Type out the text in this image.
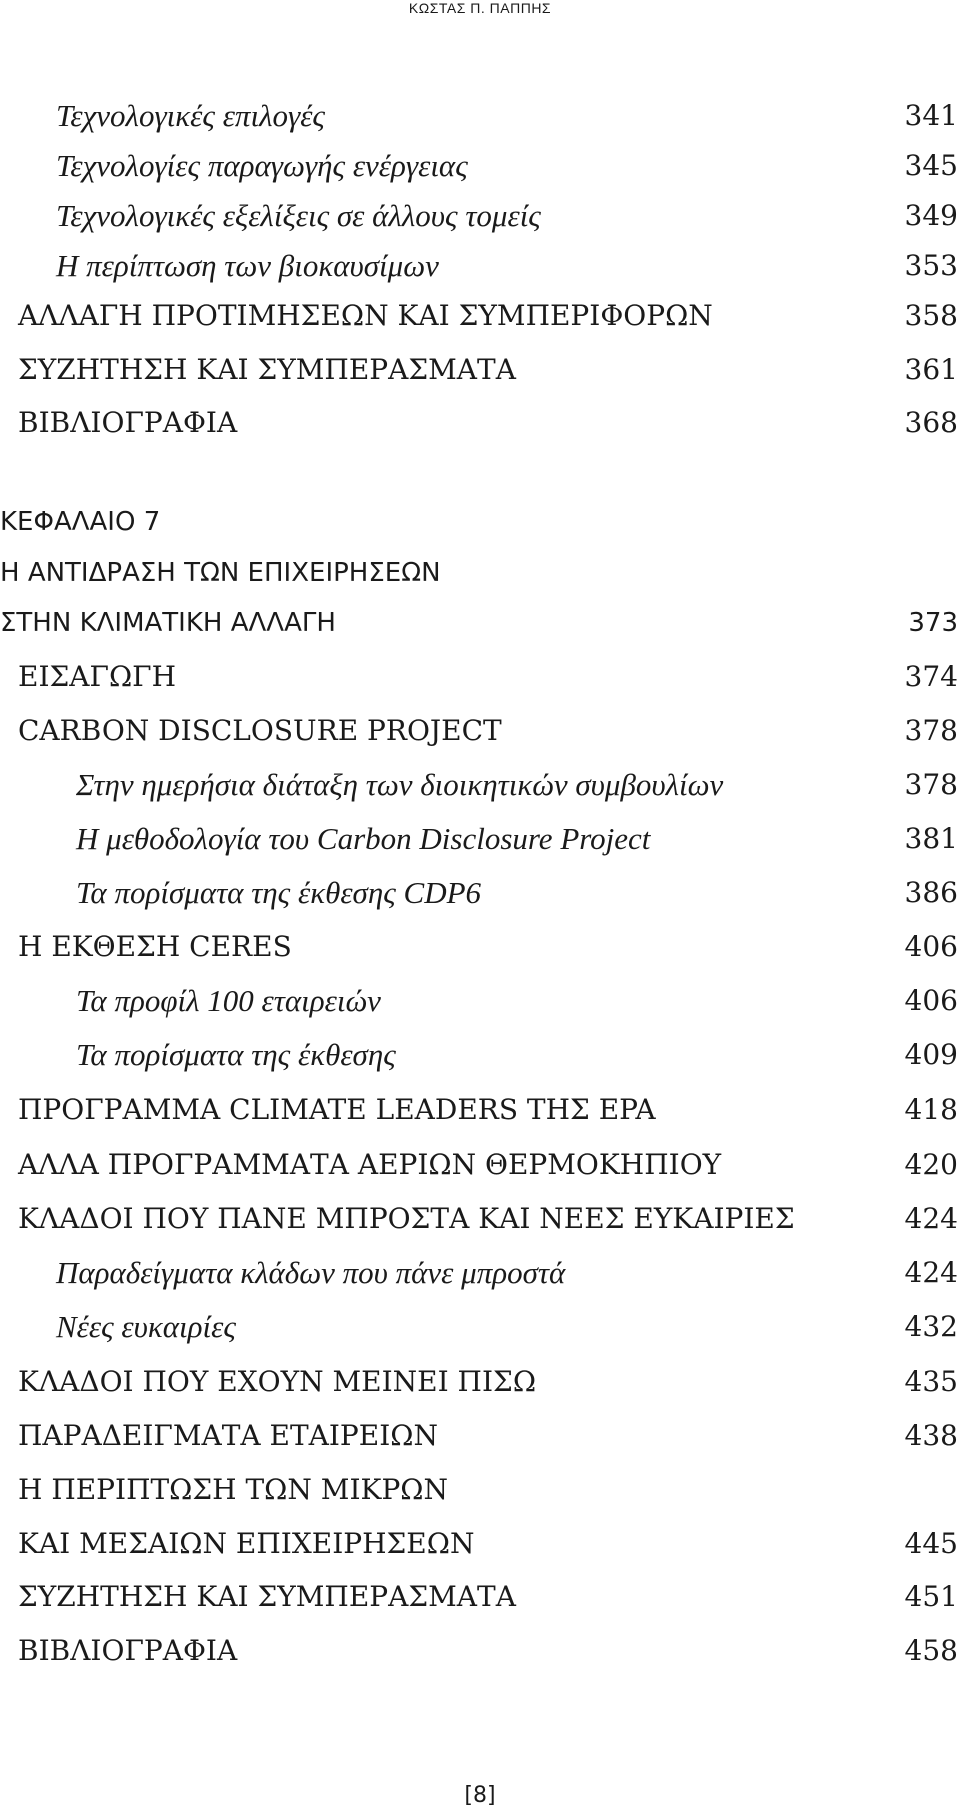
ΚΩΣΤΑΣ Π. ΠΑΠΠΗΣ
Τεχνολογικές επιλογές	341
Τεχνολογίες παραγωγής ενέργειας	345
Τεχνολογικές εξελίξεις σε άλλους τομείς	349
Η περίπτωση των βιοκαυσίμων	353
ΑΛΛΑΓΗ ΠΡΟΤΙΜΗΣΕΩΝ ΚΑΙ ΣΥΜΠΕΡΙΦΟΡΩΝ	358
ΣΥΖΗΤΗΣΗ ΚΑΙ ΣΥΜΠΕΡΑΣΜΑΤΑ	361
ΒΙΒΛΙΟΓΡΑΦΙΑ	368
ΚΕΦΑΛΑΙΟ 7
Η ΑΝΤΙΔΡΑΣΗ ΤΩΝ ΕΠΙΧΕΙΡΗΣΕΩΝ
ΣΤΗΝ ΚΛΙΜΑΤΙΚΗ ΑΛΛΑΓΗ	373
ΕΙΣΑΓΩΓΗ	374
CARBON DISCLOSURE PROJECT	378
Στην ημερήσια διάταξη των διοικητικών συμβουλίων	378
Η μεθοδολογία του Carbon Disclosure Project	381
Τα πορίσματα της έκθεσης CDP6	386
Η ΕΚΘΕΣΗ CERES	406
Τα προφίλ 100 εταιρειών	406
Τα πορίσματα της έκθεσης	409
ΠΡΟΓΡΑΜΜΑ CLIMATE LEADERS ΤΗΣ EPA	418
ΑΛΛΑ ΠΡΟΓΡΑΜΜΑΤΑ ΑΕΡΙΩΝ ΘΕΡΜΟΚΗΠΙΟΥ	420
ΚΛΑΔΟΙ ΠΟΥ ΠΑΝΕ ΜΠΡΟΣΤΑ ΚΑΙ ΝΕΕΣ ΕΥΚΑΙΡΙΕΣ	424
Παραδείγματα κλάδων που πάνε μπροστά	424
Νέες ευκαιρίες	432
ΚΛΑΔΟΙ ΠΟΥ ΕΧΟΥΝ ΜΕΙΝΕΙ ΠΙΣΩ	435
ΠΑΡΑΔΕΙΓΜΑΤΑ ΕΤΑΙΡΕΙΩΝ	438
Η ΠΕΡΙΠΤΩΣΗ ΤΩΝ ΜΙΚΡΩΝ
ΚΑΙ ΜΕΣΑΙΩΝ ΕΠΙΧΕΙΡΗΣΕΩΝ	445
ΣΥΖΗΤΗΣΗ ΚΑΙ ΣΥΜΠΕΡΑΣΜΑΤΑ	451
ΒΙΒΛΙΟΓΡΑΦΙΑ	458
[8]
